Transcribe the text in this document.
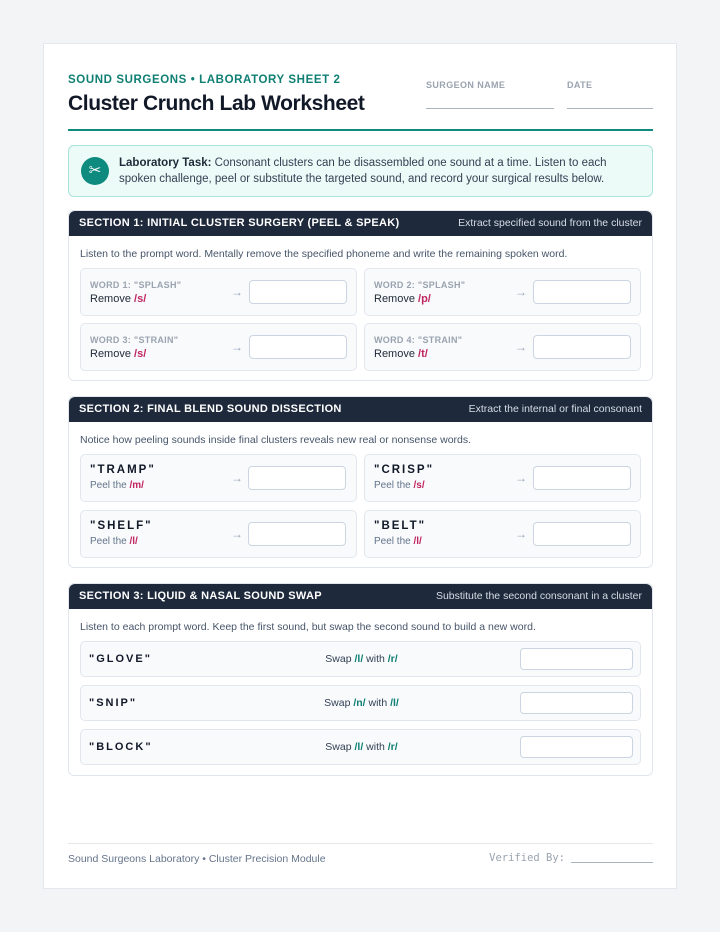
SOUND SURGEONS • LABORATORY SHEET 2
Cluster Crunch Lab Worksheet
SURGEON NAME	DATE
✂	Laboratory Task: Consonant clusters can be disassembled one sound at a time. Listen to each spoken challenge, peel or substitute the targeted sound, and record your surgical results below.
SECTION 1: INITIAL CLUSTER SURGERY (PEEL & SPEAK)	Extract specified sound from the cluster
Listen to the prompt word. Mentally remove the specified phoneme and write the remaining spoken word.
WORD 1: "SPLASH"
Remove /s/	→	WORD 2: "SPLASH"
Remove /p/	→
WORD 3: "STRAIN"
Remove /s/	→	WORD 4: "STRAIN"
Remove /t/	→
SECTION 2: FINAL BLEND SOUND DISSECTION	Extract the internal or final consonant
Notice how peeling sounds inside final clusters reveals new real or nonsense words.
"TRAMP"
Peel the /m/
→
"CRISP"
Peel the /s/
→
"SHELF"
Peel the /l/
→
"BELT"
Peel the /l/
→
SECTION 3: LIQUID & NASAL SOUND SWAP	Substitute the second consonant in a cluster
Listen to each prompt word. Keep the first sound, but swap the second sound to build a new word.
"GLOVE"	Swap /l/ with /r/
"SNIP"	Swap /n/ with /l/
"BLOCK"	Swap /l/ with /r/
Sound Surgeons Laboratory • Cluster Precision Module	Verified By:
